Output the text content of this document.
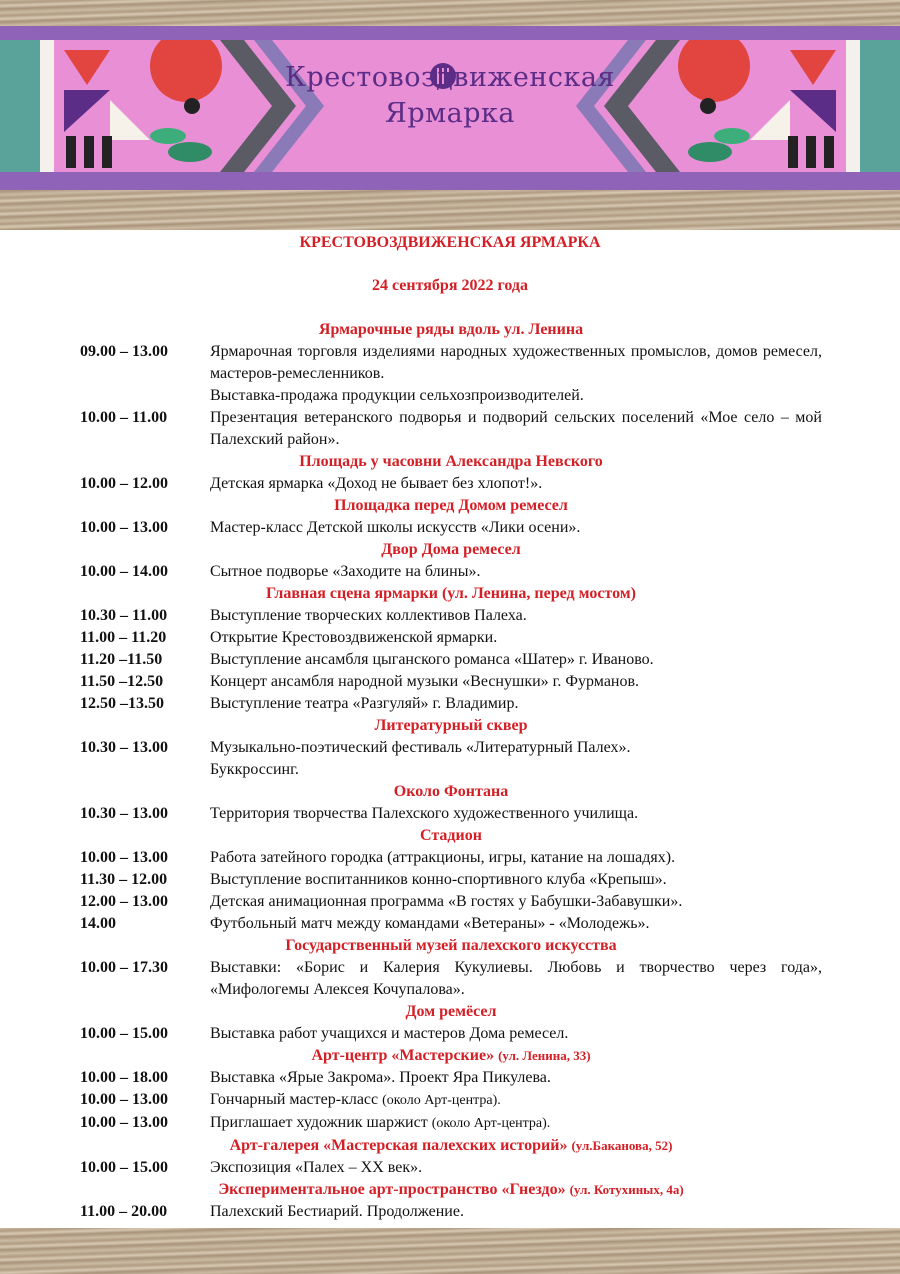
Крестовоздвиженская
Ярмарка
КРЕСТОВОЗДВИЖЕНСКАЯ ЯРМАРКА
24 сентября 2022 года
Ярмарочные ряды вдоль ул. Ленина
09.00 – 13.00	Ярмарочная торговля изделиями народных художественных промыслов, домов ремесел, мастеров-ремесленников.
Выставка-продажа продукции сельхозпроизводителей.
10.00 – 11.00	Презентация ветеранского подворья и подворий сельских поселений «Мое село – мой Палехский район».
Площадь у часовни Александра Невского
10.00 – 12.00	Детская ярмарка «Доход не бывает без хлопот!».
Площадка перед Домом ремесел
10.00 – 13.00	Мастер-класс Детской школы искусств «Лики осени».
Двор Дома ремесел
10.00 – 14.00	Сытное подворье «Заходите на блины».
Главная сцена ярмарки (ул. Ленина, перед мостом)
10.30 – 11.00	Выступление творческих коллективов Палеха.
11.00 – 11.20	Открытие Крестовоздвиженской ярмарки.
11.20 –11.50	Выступление ансамбля цыганского романса «Шатер» г. Иваново.
11.50 –12.50	Концерт ансамбля народной музыки «Веснушки» г. Фурманов.
12.50 –13.50	Выступление театра «Разгуляй» г. Владимир.
Литературный сквер
10.30 – 13.00	Музыкально-поэтический фестиваль «Литературный Палех».
Буккроссинг.
Около Фонтана
10.30 – 13.00	Территория творчества Палехского художественного училища.
Стадион
10.00 – 13.00	Работа затейного городка (аттракционы, игры, катание на лошадях).
11.30 – 12.00	Выступление воспитанников конно-спортивного клуба «Крепыш».
12.00 – 13.00	Детская анимационная программа «В гостях у Бабушки-Забавушки».
14.00	Футбольный матч между командами «Ветераны» - «Молодежь».
Государственный музей палехского искусства
10.00 – 17.30	Выставки: «Борис и Калерия Кукулиевы. Любовь и творчество через года», «Мифологемы Алексея Кочупалова».
Дом ремёсел
10.00 – 15.00	Выставка работ учащихся и мастеров Дома ремесел.
Арт-центр «Мастерские» (ул. Ленина, 33)
10.00 – 18.00	Выставка «Ярые Закрома». Проект Яра Пикулева.
10.00 – 13.00	Гончарный мастер-класс (около Арт-центра).
10.00 – 13.00	Приглашает художник шаржист (около Арт-центра).
Арт-галерея «Мастерская палехских историй» (ул.Баканова, 52)
10.00 – 15.00	Экспозиция «Палех – XX век».
Экспериментальное арт-пространство «Гнездо» (ул. Котухиных, 4а)
11.00 – 20.00	Палехский Бестиарий. Продолжение.
